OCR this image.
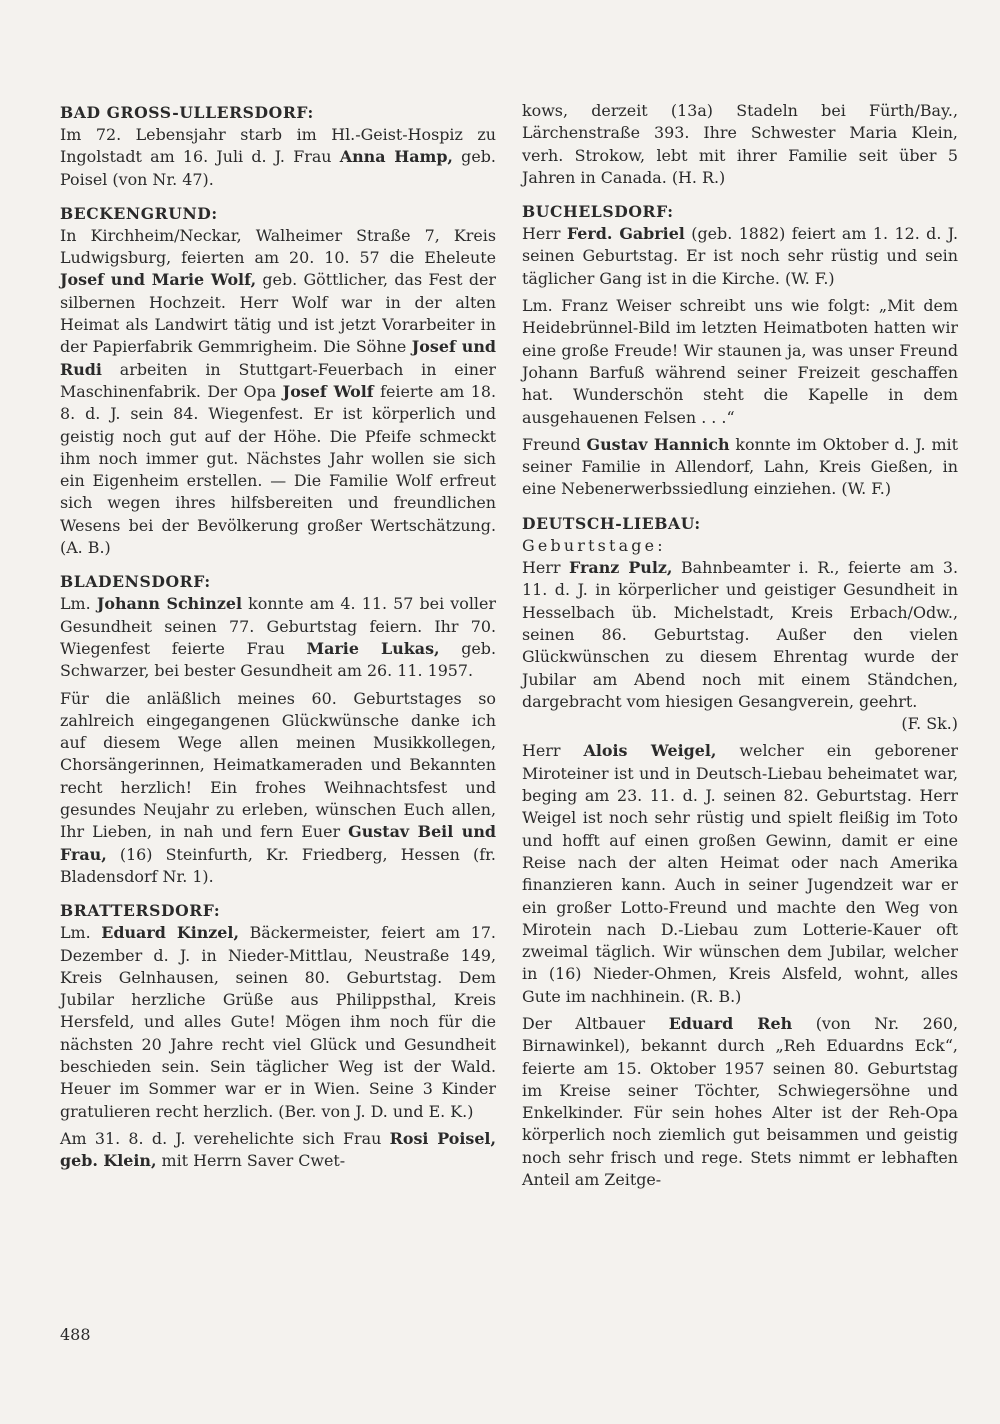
BAD GROSS-ULLERSDORF:

Im 72. Lebensjahr starb im Hl.-Geist-Hospiz zu Ingolstadt am 16. Juli d. J. Frau Anna Hamp, geb. Poisel (von Nr. 47).

BECKENGRUND:

In Kirchheim/Neckar, Walheimer Straße 7, Kreis Ludwigsburg, feierten am 20. 10. 57 die Eheleute Josef und Marie Wolf, geb. Göttlicher, das Fest der silbernen Hochzeit. Herr Wolf war in der alten Heimat als Landwirt tätig und ist jetzt Vorarbeiter in der Papierfabrik Gemmrigheim. Die Söhne Josef und Rudi arbeiten in Stuttgart-Feuerbach in einer Maschinenfabrik. Der Opa Josef Wolf feierte am 18. 8. d. J. sein 84. Wiegenfest. Er ist körperlich und geistig noch gut auf der Höhe. Die Pfeife schmeckt ihm noch immer gut. Nächstes Jahr wollen sie sich ein Eigenheim erstellen. — Die Familie Wolf erfreut sich wegen ihres hilfsbereiten und freundlichen Wesens bei der Bevölkerung großer Wertschätzung. (A. B.)

BLADENSDORF:

Lm. Johann Schinzel konnte am 4. 11. 57 bei voller Gesundheit seinen 77. Geburtstag feiern. Ihr 70. Wiegenfest feierte Frau Marie Lukas, geb. Schwarzer, bei bester Gesundheit am 26. 11. 1957.

Für die anläßlich meines 60. Geburtstages so zahlreich eingegangenen Glückwünsche danke ich auf diesem Wege allen meinen Musikkollegen, Chorsängerinnen, Heimatkameraden und Bekannten recht herzlich! Ein frohes Weihnachtsfest und gesundes Neujahr zu erleben, wünschen Euch allen, Ihr Lieben, in nah und fern Euer Gustav Beil und Frau, (16) Steinfurth, Kr. Friedberg, Hessen (fr. Bladensdorf Nr. 1).

BRATTERSDORF:

Lm. Eduard Kinzel, Bäckermeister, feiert am 17. Dezember d. J. in Nieder-Mittlau, Neustraße 149, Kreis Gelnhausen, seinen 80. Geburtstag. Dem Jubilar herzliche Grüße aus Philippsthal, Kreis Hersfeld, und alles Gute! Mögen ihm noch für die nächsten 20 Jahre recht viel Glück und Gesundheit beschieden sein. Sein täglicher Weg ist der Wald. Heuer im Sommer war er in Wien. Seine 3 Kinder gratulieren recht herzlich. (Ber. von J. D. und E. K.)

Am 31. 8. d. J. verehelichte sich Frau Rosi Poisel, geb. Klein, mit Herrn Saver Cwet-

kows, derzeit (13a) Stadeln bei Fürth/Bay., Lärchenstraße 393. Ihre Schwester Maria Klein, verh. Strokow, lebt mit ihrer Familie seit über 5 Jahren in Canada. (H. R.)

BUCHELSDORF:

Herr Ferd. Gabriel (geb. 1882) feiert am 1. 12. d. J. seinen Geburtstag. Er ist noch sehr rüstig und sein täglicher Gang ist in die Kirche. (W. F.)

Lm. Franz Weiser schreibt uns wie folgt: „Mit dem Heidebrünnel-Bild im letzten Heimatboten hatten wir eine große Freude! Wir staunen ja, was unser Freund Johann Barfuß während seiner Freizeit geschaffen hat. Wunderschön steht die Kapelle in dem ausgehauenen Felsen . . .“

Freund Gustav Hannich konnte im Oktober d. J. mit seiner Familie in Allendorf, Lahn, Kreis Gießen, in eine Nebenerwerbssiedlung einziehen. (W. F.)

DEUTSCH-LIEBAU:

Geburtstage:

Herr Franz Pulz, Bahnbeamter i. R., feierte am 3. 11. d. J. in körperlicher und geistiger Gesundheit in Hesselbach üb. Michelstadt, Kreis Erbach/Odw., seinen 86. Geburtstag. Außer den vielen Glückwünschen zu diesem Ehrentag wurde der Jubilar am Abend noch mit einem Ständchen, dargebracht vom hiesigen Gesangverein, geehrt.

(F. Sk.)

Herr Alois Weigel, welcher ein geborener Miroteiner ist und in Deutsch-Liebau beheimatet war, beging am 23. 11. d. J. seinen 82. Geburtstag. Herr Weigel ist noch sehr rüstig und spielt fleißig im Toto und hofft auf einen großen Gewinn, damit er eine Reise nach der alten Heimat oder nach Amerika finanzieren kann. Auch in seiner Jugendzeit war er ein großer Lotto-Freund und machte den Weg von Mirotein nach D.-Liebau zum Lotterie-Kauer oft zweimal täglich. Wir wünschen dem Jubilar, welcher in (16) Nieder-Ohmen, Kreis Alsfeld, wohnt, alles Gute im nachhinein. (R. B.)

Der Altbauer Eduard Reh (von Nr. 260, Birnawinkel), bekannt durch „Reh Eduardns Eck“, feierte am 15. Oktober 1957 seinen 80. Geburtstag im Kreise seiner Töchter, Schwiegersöhne und Enkelkinder. Für sein hohes Alter ist der Reh-Opa körperlich noch ziemlich gut beisammen und geistig noch sehr frisch und rege. Stets nimmt er lebhaften Anteil am Zeitge-

488
